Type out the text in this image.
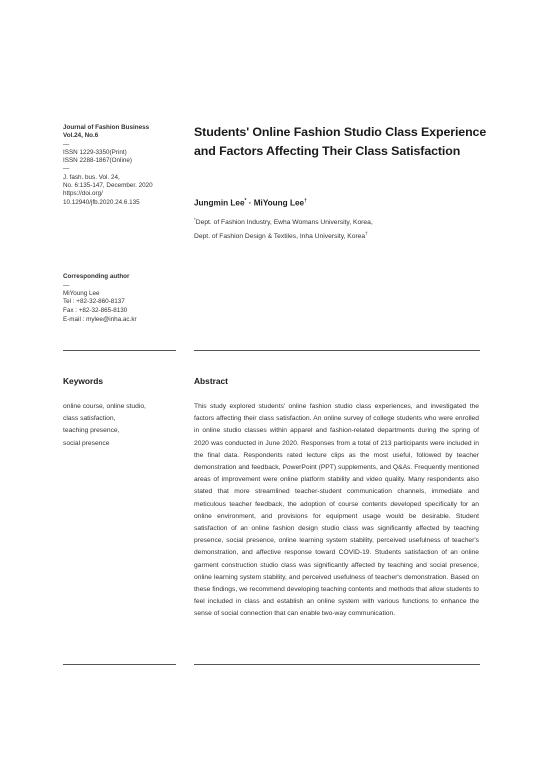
Journal of Fashion Business
Vol.24, No.6
—
ISSN 1229-3350(Print)
ISSN 2288-1867(Online)
—
J. fash. bus. Vol. 24,
No. 6:135-147, December. 2020
https://doi.org/
10.12940/jfb.2020.24.6.135
Students' Online Fashion Studio Class Experience
and Factors Affecting Their Class Satisfaction
Jungmin Lee* · MiYoung Lee†
*Dept. of Fashion Industry, Ewha Womans University, Korea,
Dept. of Fashion Design & Textiles, Inha University, Korea†
Corresponding author
—
MiYoung Lee
Tel : +82-32-860-8137
Fax : +82-32-865-8130
E-mail : mylee@inha.ac.kr
Keywords	Abstract
online course, online studio,
class satisfaction,
teaching presence,
social presence
This study explored students' online fashion studio class experiences, and investigated the factors affecting their class satisfaction. An online survey of college students who were enrolled in online studio classes within apparel and fashion-related departments during the spring of 2020 was conducted in June 2020. Responses from a total of 213 participants were included in the final data. Respondents rated lecture clips as the most useful, followed by teacher demonstration and feedback, PowerPoint (PPT) supplements, and Q&As. Frequently mentioned areas of improvement were online platform stability and video quality. Many respondents also stated that more streamlined teacher-student communication channels, immediate and meticulous teacher feedback, the adoption of course contents developed specifically for an online environment, and provisions for equipment usage would be desirable. Student satisfaction of an online fashion design studio class was significantly affected by teaching presence, social presence, online learning system stability, perceived usefulness of teacher's demonstration, and affective response toward COVID-19. Students satisfaction of an online garment construction studio class was significantly affected by teaching and social presence, online learning system stability, and perceived usefulness of teacher's demonstration. Based on these findings, we recommend developing teaching contents and methods that allow students to feel included in class and establish an online system with various functions to enhance the sense of social connection that can enable two-way communication.
